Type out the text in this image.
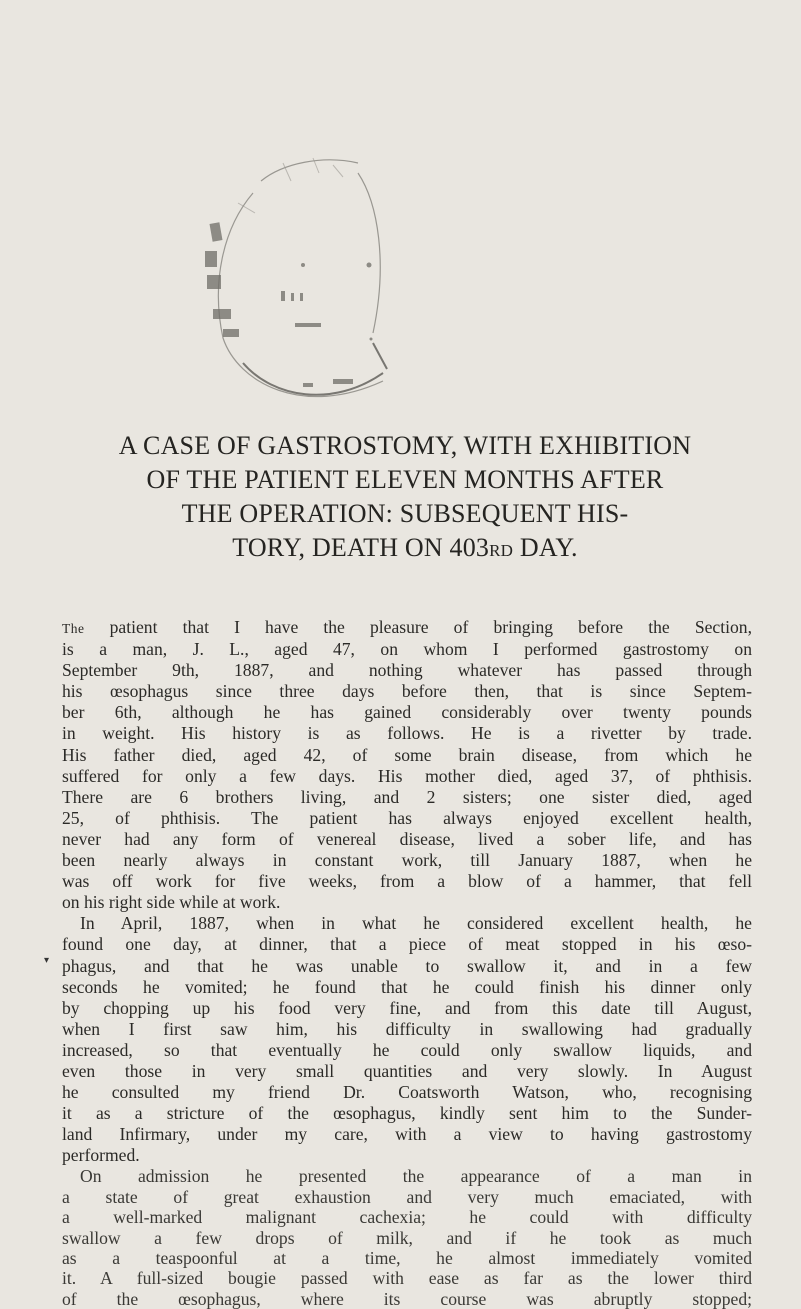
A CASE OF GASTROSTOMY, WITH EXHIBITION
OF THE PATIENT ELEVEN MONTHS AFTER
THE OPERATION: SUBSEQUENT HIS-
TORY, DEATH ON 403RD DAY.
▾
The patient that I have the pleasure of bringing before the Section,
is a man, J. L., aged 47, on whom I performed gastrostomy on
September 9th, 1887, and nothing whatever has passed through
his œsophagus since three days before then, that is since Septem-
ber 6th, although he has gained considerably over twenty pounds
in weight. His history is as follows. He is a rivetter by trade.
His father died, aged 42, of some brain disease, from which he
suffered for only a few days. His mother died, aged 37, of phthisis.
There are 6 brothers living, and 2 sisters; one sister died, aged
25, of phthisis. The patient has always enjoyed excellent health,
never had any form of venereal disease, lived a sober life, and has
been nearly always in constant work, till January 1887, when he
was off work for five weeks, from a blow of a hammer, that fell
on his right side while at work.
In April, 1887, when in what he considered excellent health, he
found one day, at dinner, that a piece of meat stopped in his œso-
phagus, and that he was unable to swallow it, and in a few
seconds he vomited; he found that he could finish his dinner only
by chopping up his food very fine, and from this date till August,
when I first saw him, his difficulty in swallowing had gradually
increased, so that eventually he could only swallow liquids, and
even those in very small quantities and very slowly. In August
he consulted my friend Dr. Coatsworth Watson, who, recognising
it as a stricture of the œsophagus, kindly sent him to the Sunder-
land Infirmary, under my care, with a view to having gastrostomy
performed.
On admission he presented the appearance of a man in
a state of great exhaustion and very much emaciated, with
a well-marked malignant cachexia; he could with difficulty
swallow a few drops of milk, and if he took as much
as a teaspoonful at a time, he almost immediately vomited
it. A full-sized bougie passed with ease as far as the lower third
of the œsophagus, where its course was abruptly stopped;
